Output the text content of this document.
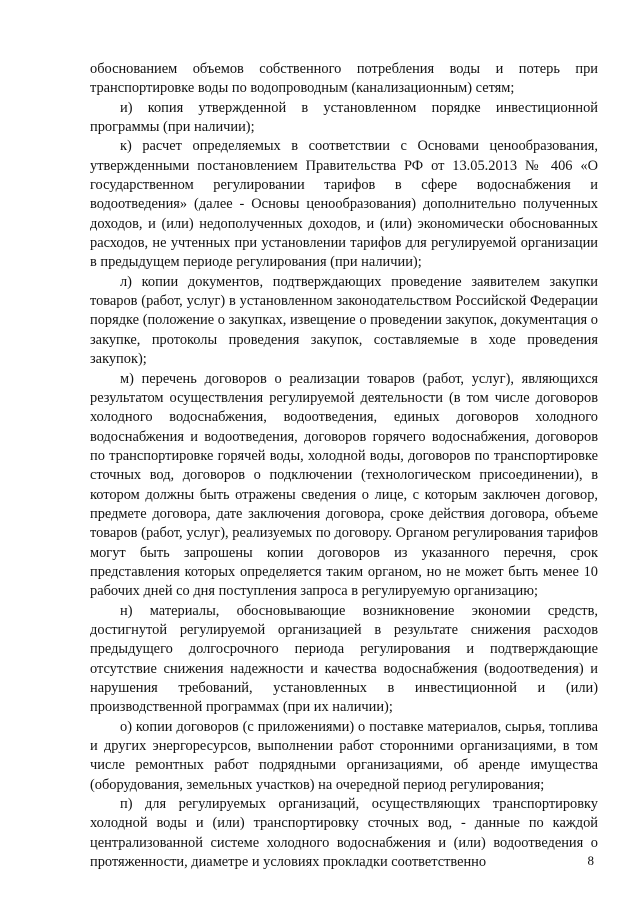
обоснованием объемов собственного потребления воды и потерь при транспортировке воды по водопроводным (канализационным) сетям;

и) копия утвержденной в установленном порядке инвестиционной программы (при наличии);

к) расчет определяемых в соответствии с Основами ценообразования, утвержденными постановлением Правительства РФ от 13.05.2013 № 406 «О государственном регулировании тарифов в сфере водоснабжения и водоотведения» (далее - Основы ценообразования) дополнительно полученных доходов, и (или) недополученных доходов, и (или) экономически обоснованных расходов, не учтенных при установлении тарифов для регулируемой организации в предыдущем периоде регулирования (при наличии);

л) копии документов, подтверждающих проведение заявителем закупки товаров (работ, услуг) в установленном законодательством Российской Федерации порядке (положение о закупках, извещение о проведении закупок, документация о закупке, протоколы проведения закупок, составляемые в ходе проведения закупок);

м) перечень договоров о реализации товаров (работ, услуг), являющихся результатом осуществления регулируемой деятельности (в том числе договоров холодного водоснабжения, водоотведения, единых договоров холодного водоснабжения и водоотведения, договоров горячего водоснабжения, договоров по транспортировке горячей воды, холодной воды, договоров по транспортировке сточных вод, договоров о подключении (технологическом присоединении), в котором должны быть отражены сведения о лице, с которым заключен договор, предмете договора, дате заключения договора, сроке действия договора, объеме товаров (работ, услуг), реализуемых по договору. Органом регулирования тарифов могут быть запрошены копии договоров из указанного перечня, срок представления которых определяется таким органом, но не может быть менее 10 рабочих дней со дня поступления запроса в регулируемую организацию;

н) материалы, обосновывающие возникновение экономии средств, достигнутой регулируемой организацией в результате снижения расходов предыдущего долгосрочного периода регулирования и подтверждающие отсутствие снижения надежности и качества водоснабжения (водоотведения) и нарушения требований, установленных в инвестиционной и (или) производственной программах (при их наличии);

о) копии договоров (с приложениями) о поставке материалов, сырья, топлива и других энергоресурсов, выполнении работ сторонними организациями, в том числе ремонтных работ подрядными организациями, об аренде имущества (оборудования, земельных участков) на очередной период регулирования;

п) для регулируемых организаций, осуществляющих транспортировку холодной воды и (или) транспортировку сточных вод, - данные по каждой централизованной системе холодного водоснабжения и (или) водоотведения о протяженности, диаметре и условиях прокладки соответственно	8
